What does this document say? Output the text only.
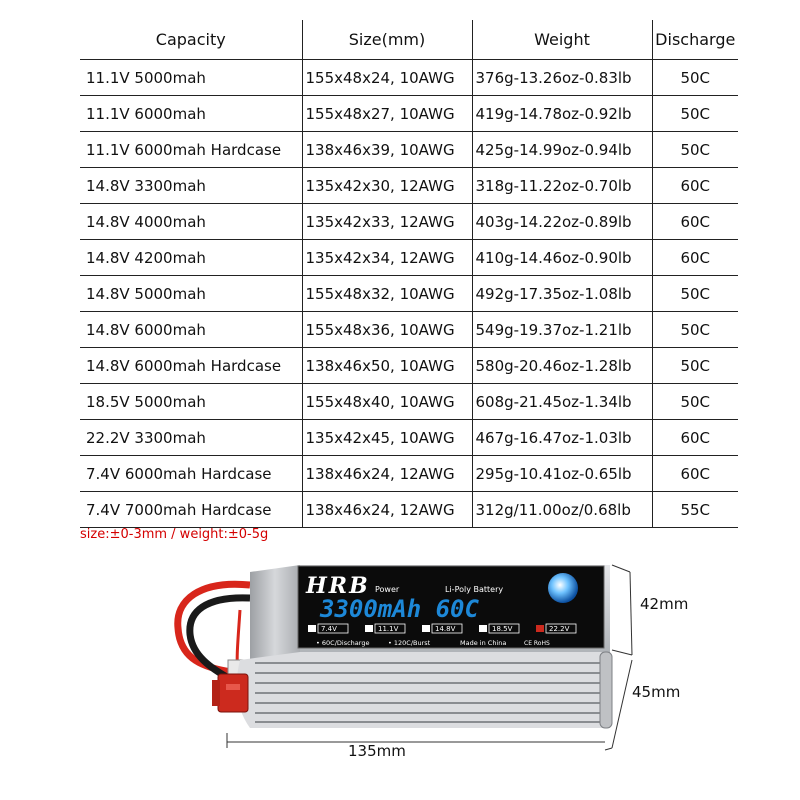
Capacity	Size(mm)	Weight	Discharge
11.1V 5000mah	155x48x24, 10AWG	376g-13.26oz-0.83lb	50C
11.1V 6000mah	155x48x27, 10AWG	419g-14.78oz-0.92lb	50C
11.1V 6000mah Hardcase	138x46x39, 10AWG	425g-14.99oz-0.94lb	50C
14.8V 3300mah	135x42x30, 12AWG	318g-11.22oz-0.70lb	60C
14.8V 4000mah	135x42x33, 12AWG	403g-14.22oz-0.89lb	60C
14.8V 4200mah	135x42x34, 12AWG	410g-14.46oz-0.90lb	60C
14.8V 5000mah	155x48x32, 10AWG	492g-17.35oz-1.08lb	50C
14.8V 6000mah	155x48x36, 10AWG	549g-19.37oz-1.21lb	50C
14.8V 6000mah Hardcase	138x46x50, 10AWG	580g-20.46oz-1.28lb	50C
18.5V 5000mah	155x48x40, 10AWG	608g-21.45oz-1.34lb	50C
22.2V 3300mah	135x42x45, 10AWG	467g-16.47oz-1.03lb	60C
7.4V 6000mah Hardcase	138x46x24, 12AWG	295g-10.41oz-0.65lb	60C
7.4V 7000mah Hardcase	138x46x24, 12AWG	312g/11.00oz/0.68lb	55C
size:±0-3mm / weight:±0-5g
HRB Power	Li-Poly Battery
3300mAh 60C
7.4V	11.1V	14.8V	18.5V	22.2V
• 60C/Discharge	• 120C/Burst	Made in China	CE RoHS
42mm
45mm
135mm
